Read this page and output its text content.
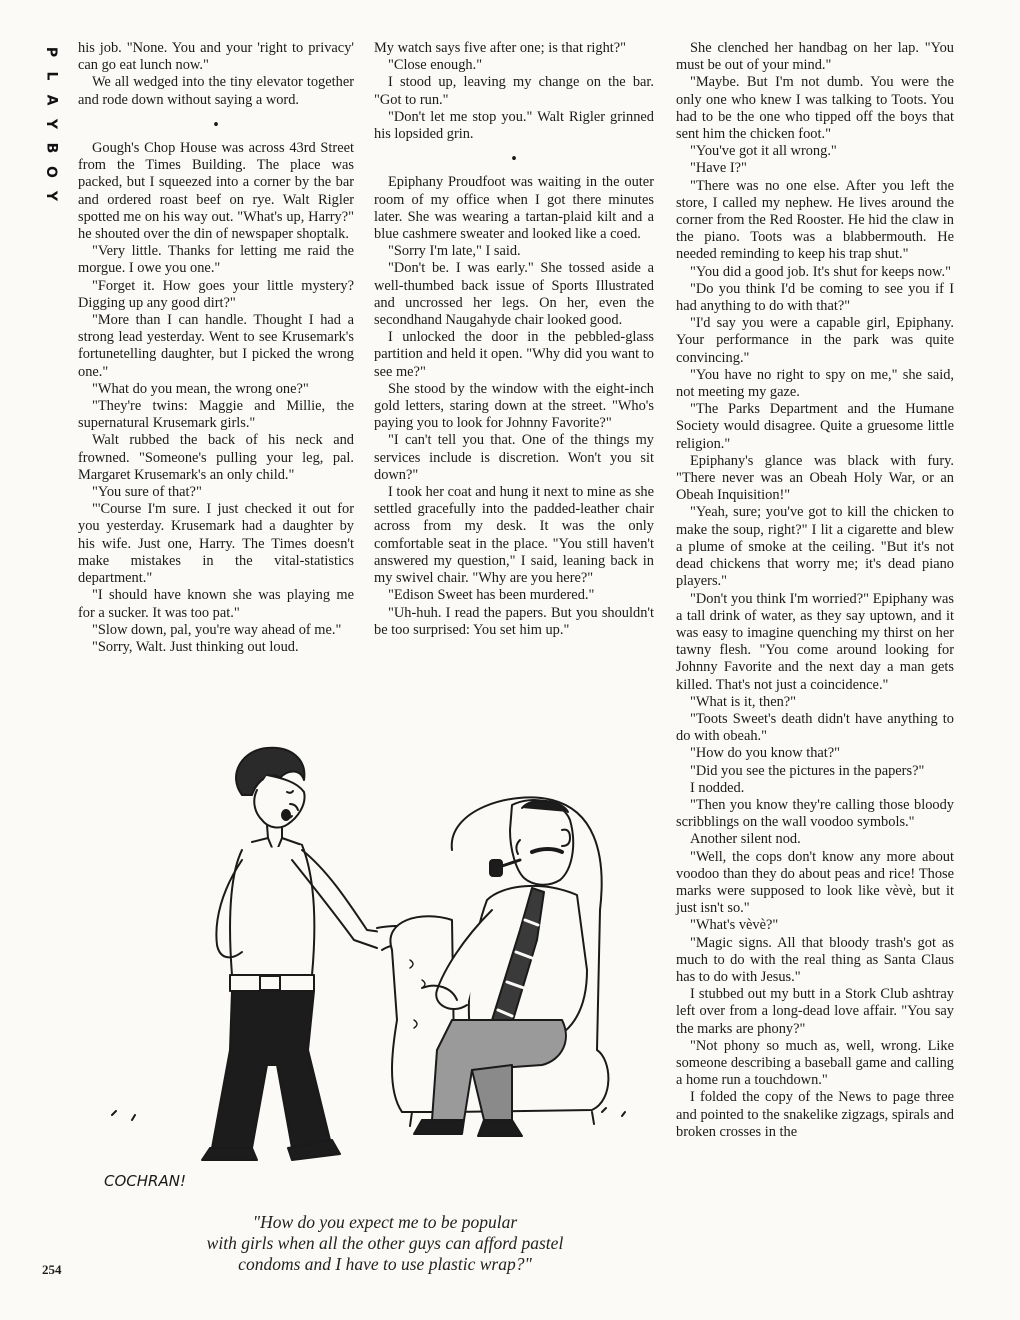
P
L
A
Y
B
O
Y

his job. "None. You and your 'right to privacy' can go eat lunch now."

We all wedged into the tiny elevator together and rode down without saying a word.

•

Gough's Chop House was across 43rd Street from the Times Building. The place was packed, but I squeezed into a corner by the bar and ordered roast beef on rye. Walt Rigler spotted me on his way out. "What's up, Harry?" he shouted over the din of newspaper shoptalk.

"Very little. Thanks for letting me raid the morgue. I owe you one."

"Forget it. How goes your little mystery? Digging up any good dirt?"

"More than I can handle. Thought I had a strong lead yesterday. Went to see Krusemark's fortunetelling daughter, but I picked the wrong one."

"What do you mean, the wrong one?"

"They're twins: Maggie and Millie, the supernatural Krusemark girls."

Walt rubbed the back of his neck and frowned. "Someone's pulling your leg, pal. Margaret Krusemark's an only child."

"You sure of that?"

"'Course I'm sure. I just checked it out for you yesterday. Krusemark had a daughter by his wife. Just one, Harry. The Times doesn't make mistakes in the vital-statistics department."

"I should have known she was playing me for a sucker. It was too pat."

"Slow down, pal, you're way ahead of me."

"Sorry, Walt. Just thinking out loud.

My watch says five after one; is that right?"

"Close enough."

I stood up, leaving my change on the bar. "Got to run."

"Don't let me stop you." Walt Rigler grinned his lopsided grin.

•

Epiphany Proudfoot was waiting in the outer room of my office when I got there minutes later. She was wearing a tartan-plaid kilt and a blue cashmere sweater and looked like a coed.

"Sorry I'm late," I said.

"Don't be. I was early." She tossed aside a well-thumbed back issue of Sports Illustrated and uncrossed her legs. On her, even the secondhand Naugahyde chair looked good.

I unlocked the door in the pebbled-glass partition and held it open. "Why did you want to see me?"

She stood by the window with the eight-inch gold letters, staring down at the street. "Who's paying you to look for Johnny Favorite?"

"I can't tell you that. One of the things my services include is discretion. Won't you sit down?"

I took her coat and hung it next to mine as she settled gracefully into the padded-leather chair across from my desk. It was the only comfortable seat in the place. "You still haven't answered my question," I said, leaning back in my swivel chair. "Why are you here?"

"Edison Sweet has been murdered."

"Uh-huh. I read the papers. But you shouldn't be too surprised: You set him up."

She clenched her handbag on her lap. "You must be out of your mind."

"Maybe. But I'm not dumb. You were the only one who knew I was talking to Toots. You had to be the one who tipped off the boys that sent him the chicken foot."

"You've got it all wrong."

"Have I?"

"There was no one else. After you left the store, I called my nephew. He lives around the corner from the Red Rooster. He hid the claw in the piano. Toots was a blabbermouth. He needed reminding to keep his trap shut."

"You did a good job. It's shut for keeps now."

"Do you think I'd be coming to see you if I had anything to do with that?"

"I'd say you were a capable girl, Epiphany. Your performance in the park was quite convincing."

"You have no right to spy on me," she said, not meeting my gaze.

"The Parks Department and the Humane Society would disagree. Quite a gruesome little religion."

Epiphany's glance was black with fury. "There never was an Obeah Holy War, or an Obeah Inquisition!"

"Yeah, sure; you've got to kill the chicken to make the soup, right?" I lit a cigarette and blew a plume of smoke at the ceiling. "But it's not dead chickens that worry me; it's dead piano players."

"Don't you think I'm worried?" Epiphany was a tall drink of water, as they say uptown, and it was easy to imagine quenching my thirst on her tawny flesh. "You come around looking for Johnny Favorite and the next day a man gets killed. That's not just a coincidence."

"What is it, then?"

"Toots Sweet's death didn't have anything to do with obeah."

"How do you know that?"

"Did you see the pictures in the papers?"

I nodded.

"Then you know they're calling those bloody scribblings on the wall voodoo symbols."

Another silent nod.

"Well, the cops don't know any more about voodoo than they do about peas and rice! Those marks were supposed to look like vèvè, but it just isn't so."

"What's vèvè?"

"Magic signs. All that bloody trash's got as much to do with the real thing as Santa Claus has to do with Jesus."

I stubbed out my butt in a Stork Club ashtray left over from a long-dead love affair. "You say the marks are phony?"

"Not phony so much as, well, wrong. Like someone describing a baseball game and calling a home run a touchdown."

I folded the copy of the News to page three and pointed to the snakelike zigzags, spirals and broken crosses in the

COCHRAN!

"How do you expect me to be popular

with girls when all the other guys can afford pastel

condoms and I have to use plastic wrap?"

254
